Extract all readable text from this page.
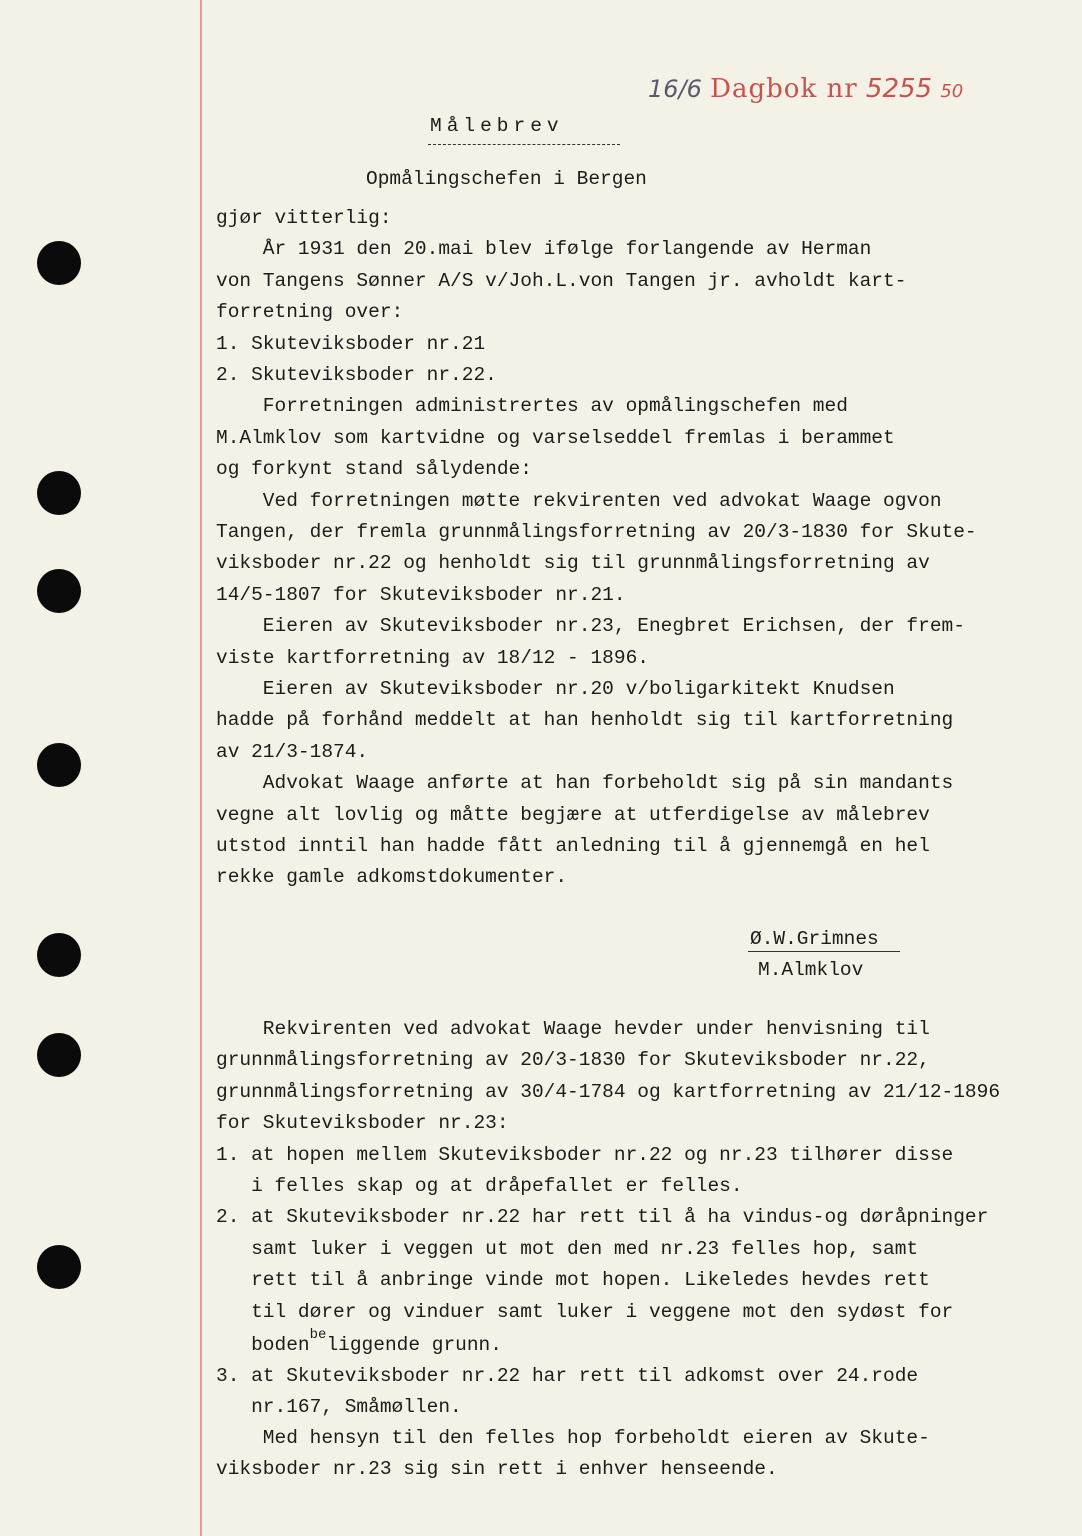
16/6 Dagbok nr 5255 50
Målebrev
Opmålingschefen i Bergen
gjør vitterlig:
År 1931 den 20.mai blev ifølge forlangende av Herman
von Tangens Sønner A/S v/Joh.L.von Tangen jr. avholdt kart-
forretning over:
1. Skuteviksboder nr.21
2. Skuteviksboder nr.22.
Forretningen administrertes av opmålingschefen med
M.Almklov som kartvidne og varselseddel fremlas i berammet
og forkynt stand sålydende:
Ved forretningen møtte rekvirenten ved advokat Waage ogvon
Tangen, der fremla grunnmålingsforretning av 20/3-1830 for Skute-
viksboder nr.22 og henholdt sig til grunnmålingsforretning av
14/5-1807 for Skuteviksboder nr.21.
Eieren av Skuteviksboder nr.23, Enegbret Erichsen, der frem-
viste kartforretning av 18/12 - 1896.
Eieren av Skuteviksboder nr.20 v/boligarkitekt Knudsen
hadde på forhånd meddelt at han henholdt sig til kartforretning
av 21/3-1874.
Advokat Waage anførte at han forbeholdt sig på sin mandants
vegne alt lovlig og måtte begjære at utferdigelse av målebrev
utstod inntil han hadde fått anledning til å gjennemgå en hel
rekke gamle adkomstdokumenter.
Ø.W.Grimnes
M.Almklov
Rekvirenten ved advokat Waage hevder under henvisning til
grunnmålingsforretning av 20/3-1830 for Skuteviksboder nr.22,
grunnmålingsforretning av 30/4-1784 og kartforretning av 21/12-1896
for Skuteviksboder nr.23:
1. at hopen mellem Skuteviksboder nr.22 og nr.23 tilhører disse
i felles skap og at dråpefallet er felles.
2. at Skuteviksboder nr.22 har rett til å ha vindus-og døråpninger
samt luker i veggen ut mot den med nr.23 felles hop, samt
rett til å anbringe vinde mot hopen. Likeledes hevdes rett
til dører og vinduer samt luker i veggene mot den sydøst for
boden$^{be}$liggende grunn.
3. at Skuteviksboder nr.22 har rett til adkomst over 24.rode
nr.167, Småmøllen.
Med hensyn til den felles hop forbeholdt eieren av Skute-
viksboder nr.23 sig sin rett i enhver henseende.
